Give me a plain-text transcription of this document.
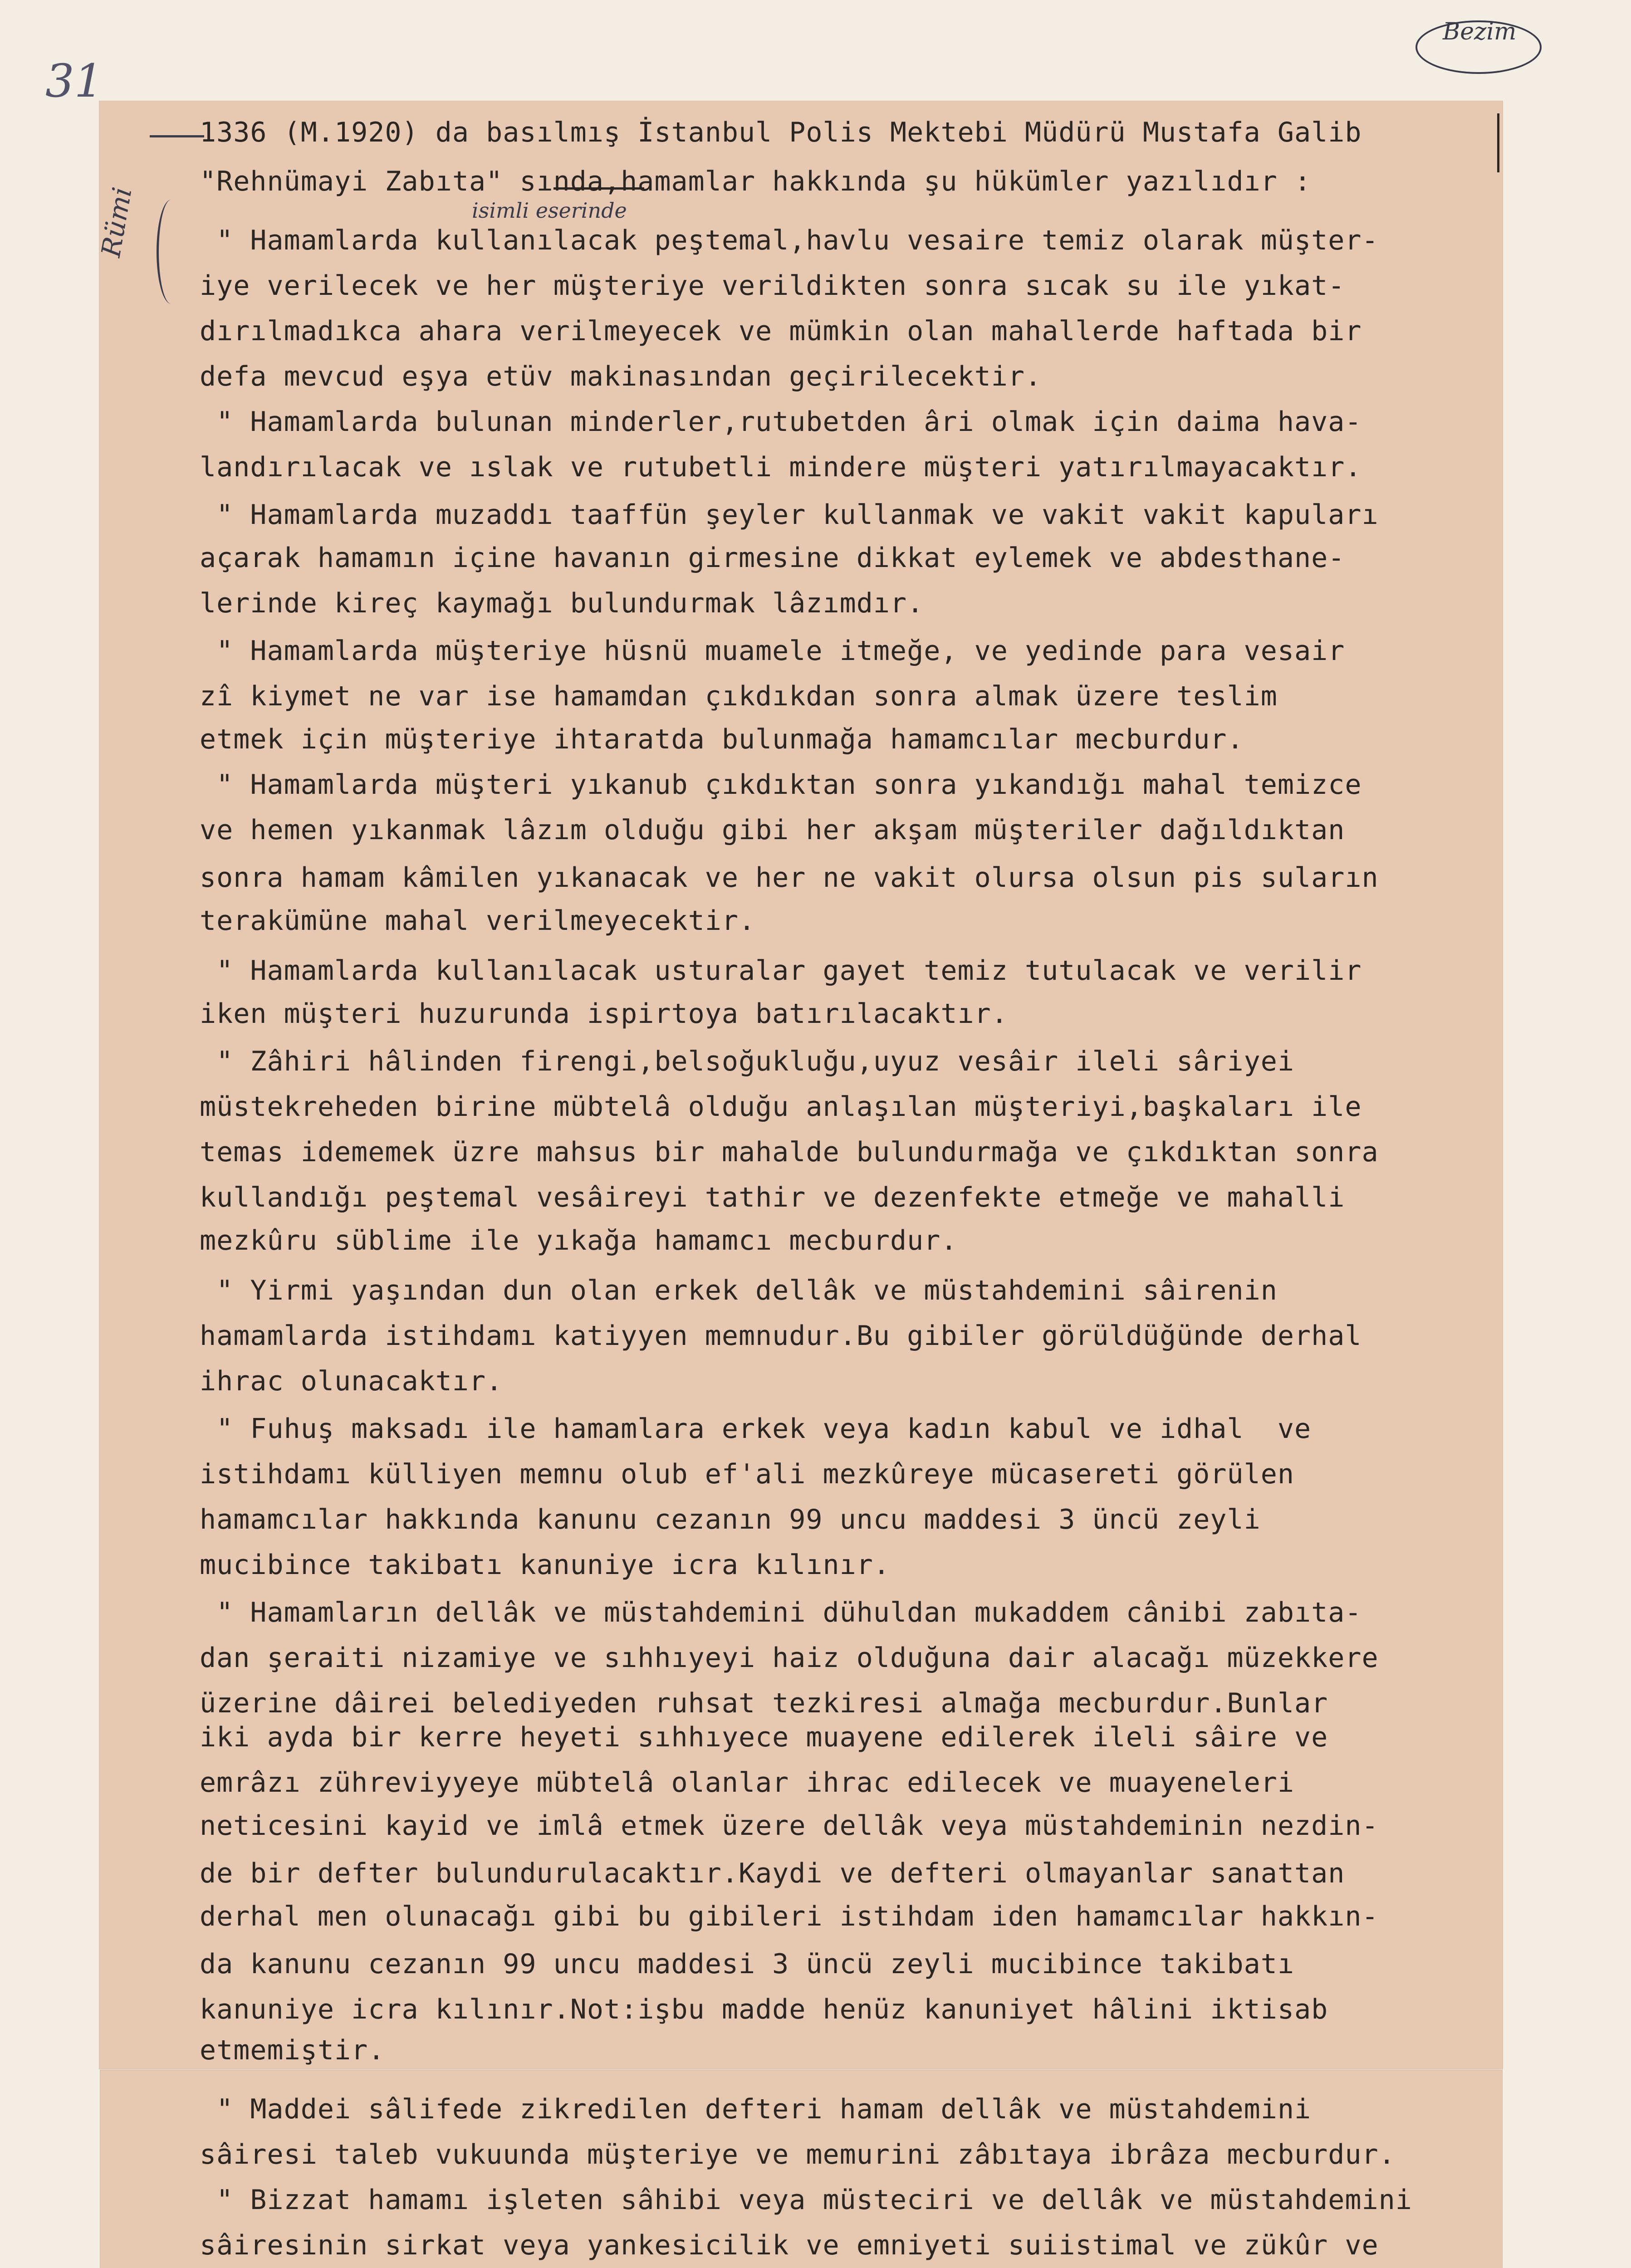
31
Bezim
Rümi	isimli eserinde
1336 (M.1920) da basılmış İstanbul Polis Mektebi Müdürü Mustafa Galib
"Rehnümayi Zabıta" sında,hamamlar hakkında şu hükümler yazılıdır :
" Hamamlarda kullanılacak peştemal,havlu vesaire temiz olarak müşter-
iye verilecek ve her müşteriye verildikten sonra sıcak su ile yıkat-
dırılmadıkca ahara verilmeyecek ve mümkin olan mahallerde haftada bir
defa mevcud eşya etüv makinasından geçirilecektir.
" Hamamlarda bulunan minderler,rutubetden âri olmak için daima hava-
landırılacak ve ıslak ve rutubetli mindere müşteri yatırılmayacaktır.
" Hamamlarda muzaddı taaffün şeyler kullanmak ve vakit vakit kapuları
açarak hamamın içine havanın girmesine dikkat eylemek ve abdesthane-
lerinde kireç kaymağı bulundurmak lâzımdır.
" Hamamlarda müşteriye hüsnü muamele itmeğe, ve yedinde para vesair
zî kiymet ne var ise hamamdan çıkdıkdan sonra almak üzere teslim
etmek için müşteriye ihtaratda bulunmağa hamamcılar mecburdur.
" Hamamlarda müşteri yıkanub çıkdıktan sonra yıkandığı mahal temizce
ve hemen yıkanmak lâzım olduğu gibi her akşam müşteriler dağıldıktan
sonra hamam kâmilen yıkanacak ve her ne vakit olursa olsun pis suların
terakümüne mahal verilmeyecektir.
" Hamamlarda kullanılacak usturalar gayet temiz tutulacak ve verilir
iken müşteri huzurunda ispirtoya batırılacaktır.
" Zâhiri hâlinden firengi,belsoğukluğu,uyuz vesâir ileli sâriyei
müstekreheden birine mübtelâ olduğu anlaşılan müşteriyi,başkaları ile
temas idememek üzre mahsus bir mahalde bulundurmağa ve çıkdıktan sonra
kullandığı peştemal vesâireyi tathir ve dezenfekte etmeğe ve mahalli
mezkûru süblime ile yıkağa hamamcı mecburdur.
" Yirmi yaşından dun olan erkek dellâk ve müstahdemini sâirenin
hamamlarda istihdamı katiyyen memnudur.Bu gibiler görüldüğünde derhal
ihrac olunacaktır.
" Fuhuş maksadı ile hamamlara erkek veya kadın kabul ve idhal  ve
istihdamı külliyen memnu olub ef'ali mezkûreye mücasereti görülen
hamamcılar hakkında kanunu cezanın 99 uncu maddesi 3 üncü zeyli
mucibince takibatı kanuniye icra kılınır.
" Hamamların dellâk ve müstahdemini dühuldan mukaddem cânibi zabıta-
dan şeraiti nizamiye ve sıhhıyeyi haiz olduğuna dair alacağı müzekkere
üzerine dâirei belediyeden ruhsat tezkiresi almağa mecburdur.Bunlar
iki ayda bir kerre heyeti sıhhıyece muayene edilerek ileli sâire ve
emrâzı zühreviyyeye mübtelâ olanlar ihrac edilecek ve muayeneleri
neticesini kayid ve imlâ etmek üzere dellâk veya müstahdeminin nezdin-
de bir defter bulundurulacaktır.Kaydi ve defteri olmayanlar sanattan
derhal men olunacağı gibi bu gibileri istihdam iden hamamcılar hakkın-
da kanunu cezanın 99 uncu maddesi 3 üncü zeyli mucibince takibatı
kanuniye icra kılınır.Not:işbu madde henüz kanuniyet hâlini iktisab
etmemiştir.
" Maddei sâlifede zikredilen defteri hamam dellâk ve müstahdemini
sâiresi taleb vukuunda müşteriye ve memurini zâbıtaya ibrâza mecburdur.
" Bizzat hamamı işleten sâhibi veya müsteciri ve dellâk ve müstahdemini
sâiresinin sirkat veya yankesicilik ve emniyeti suiistimal ve zükûr ve
